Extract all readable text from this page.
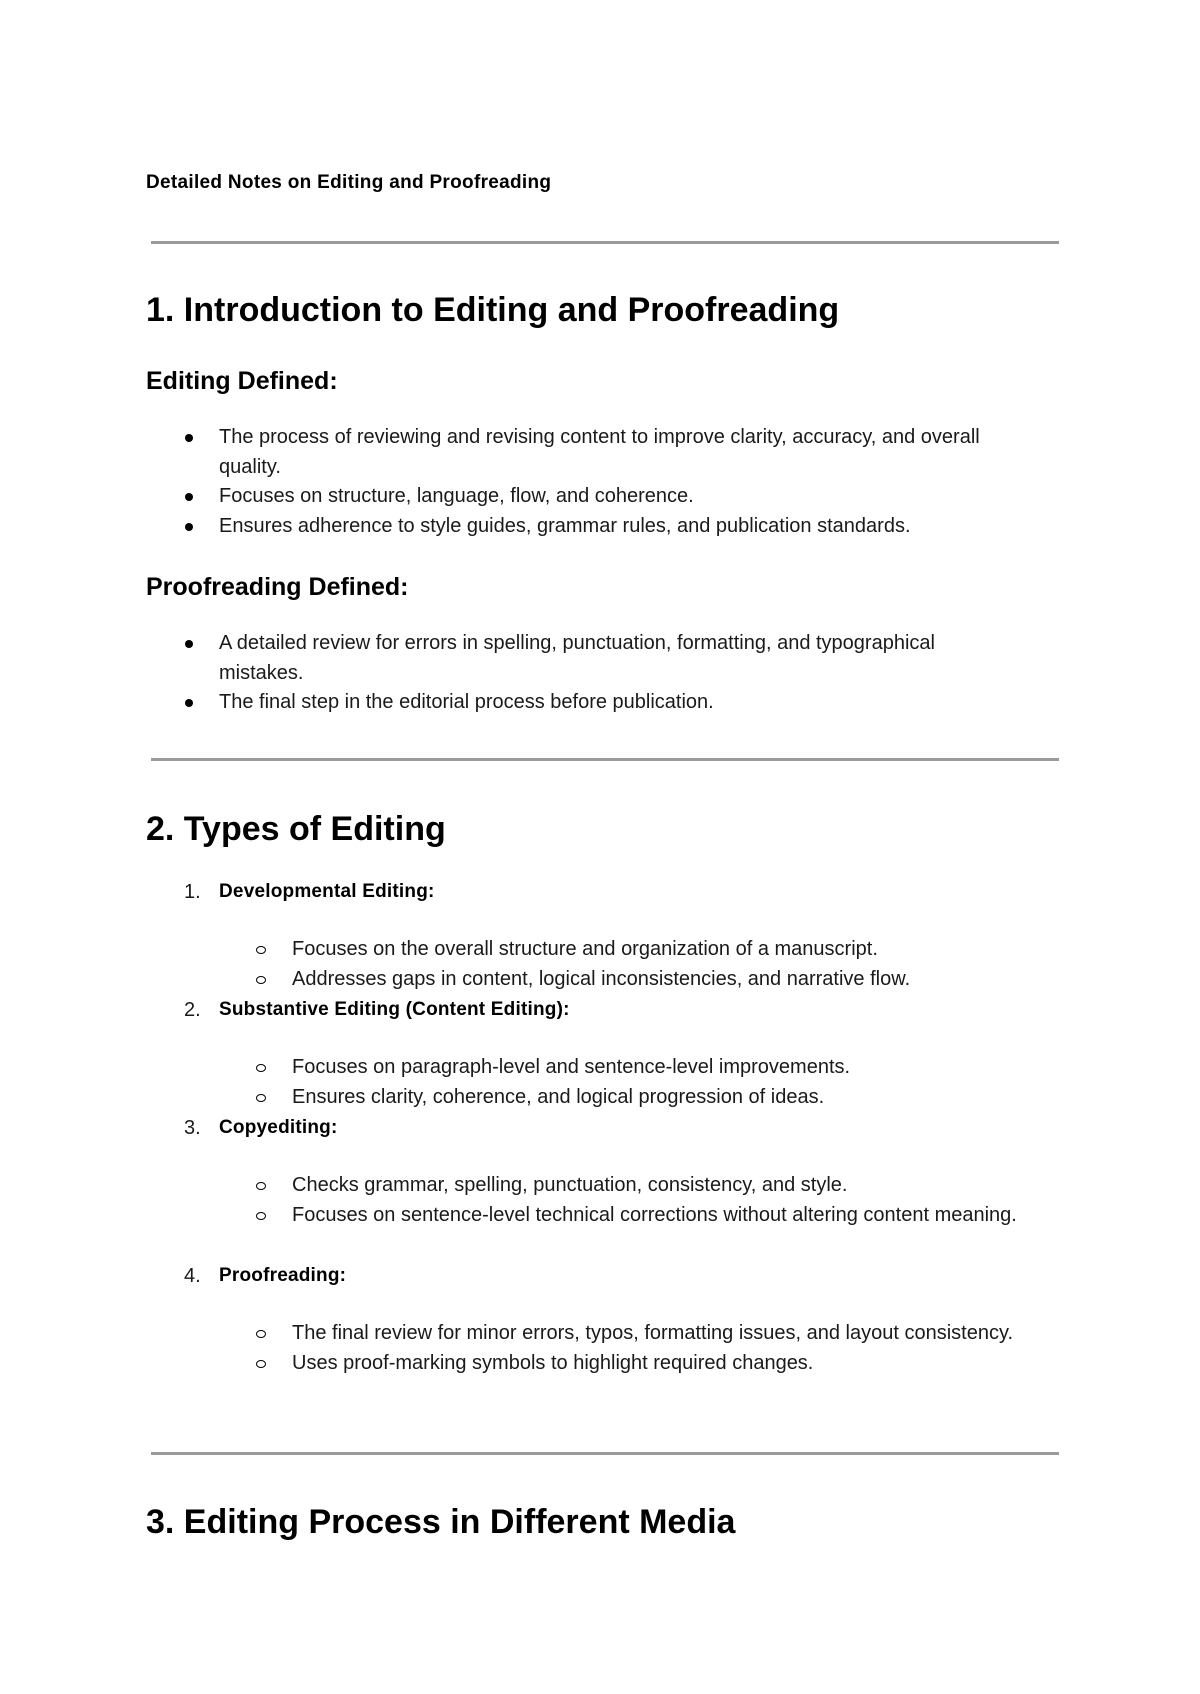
Detailed Notes on Editing and Proofreading

1. Introduction to Editing and Proofreading
Editing Defined:
The process of reviewing and revising content to improve clarity, accuracy, and overall quality.
Focuses on structure, language, flow, and coherence.
Ensures adherence to style guides, grammar rules, and publication standards.
Proofreading Defined:
A detailed review for errors in spelling, punctuation, formatting, and typographical mistakes.
The final step in the editorial process before publication.
2. Types of Editing
1. Developmental Editing:
Focuses on the overall structure and organization of a manuscript.
Addresses gaps in content, logical inconsistencies, and narrative flow.
2. Substantive Editing (Content Editing):
Focuses on paragraph-level and sentence-level improvements.
Ensures clarity, coherence, and logical progression of ideas.
3. Copyediting:
Checks grammar, spelling, punctuation, consistency, and style.
Focuses on sentence-level technical corrections without altering content meaning.
4. Proofreading:
The final review for minor errors, typos, formatting issues, and layout consistency.
Uses proof-marking symbols to highlight required changes.
3. Editing Process in Different Media
